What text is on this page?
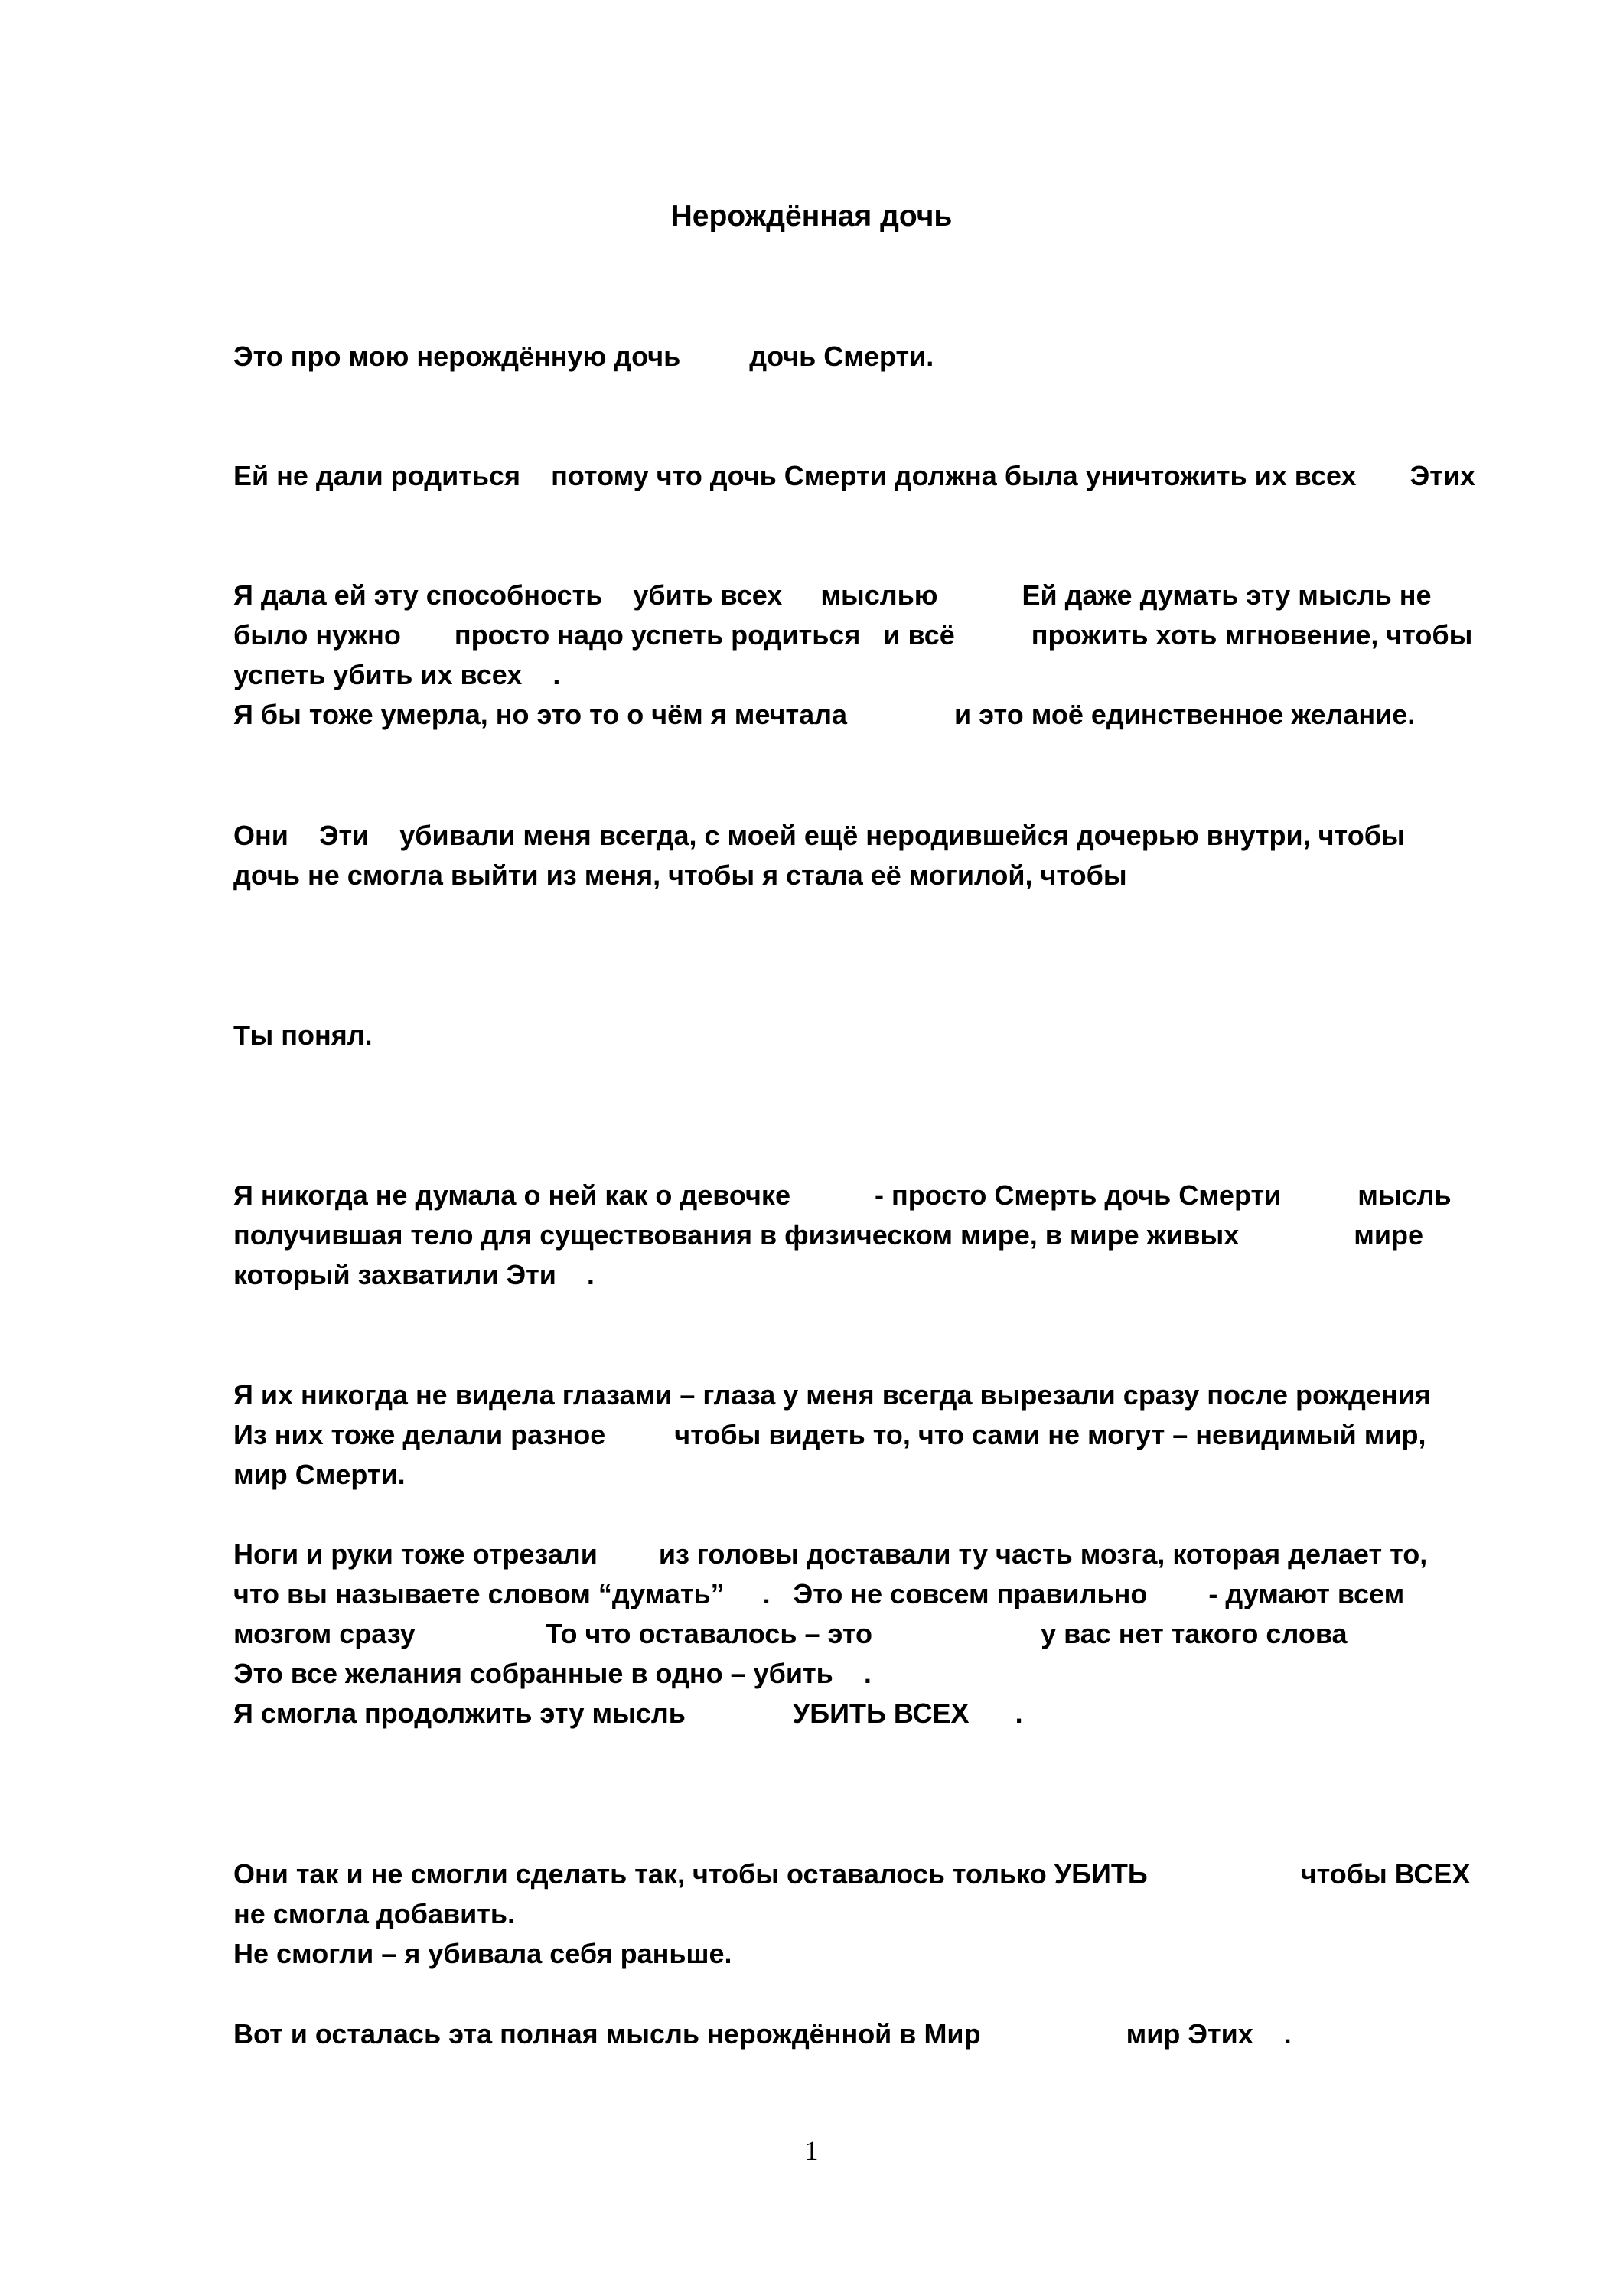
Нерождённая дочь
Это про мою нерождённую дочь         дочь Смерти.
Ей не дали родиться    потому что дочь Смерти должна была уничтожить их всех       Этих
Я дала ей эту способность    убить всех     мыслью           Ей даже думать эту мысль не
было нужно       просто надо успеть родиться   и всё          прожить хоть мгновение, чтобы
успеть убить их всех    .
Я бы тоже умерла, но это то о чём я мечтала              и это моё единственное желание.
Они    Эти    убивали меня всегда, с моей ещё неродившейся дочерью внутри, чтобы
дочь не смогла выйти из меня, чтобы я стала её могилой, чтобы
Ты понял.
Я никогда не думала о ней как о девочке           - просто Смерть дочь Смерти          мысль
получившая тело для существования в физическом мире, в мире живых               мире
который захватили Эти    .
Я их никогда не видела глазами – глаза у меня всегда вырезали сразу после рождения
Из них тоже делали разное         чтобы видеть то, что сами не могут – невидимый мир,
мир Смерти.
Ноги и руки тоже отрезали        из головы доставали ту часть мозга, которая делает то,
что вы называете словом “думать”     .   Это не совсем правильно        - думают всем
мозгом сразу                 То что оставалось – это                      у вас нет такого слова
Это все желания собранные в одно – убить    .
Я смогла продолжить эту мысль              УБИТЬ ВСЕХ      .
Они так и не смогли сделать так, чтобы оставалось только УБИТЬ                    чтобы ВСЕХ
не смогла добавить.
Не смогли – я убивала себя раньше.
Вот и осталась эта полная мысль нерождённой в Мир                   мир Этих    .
1
